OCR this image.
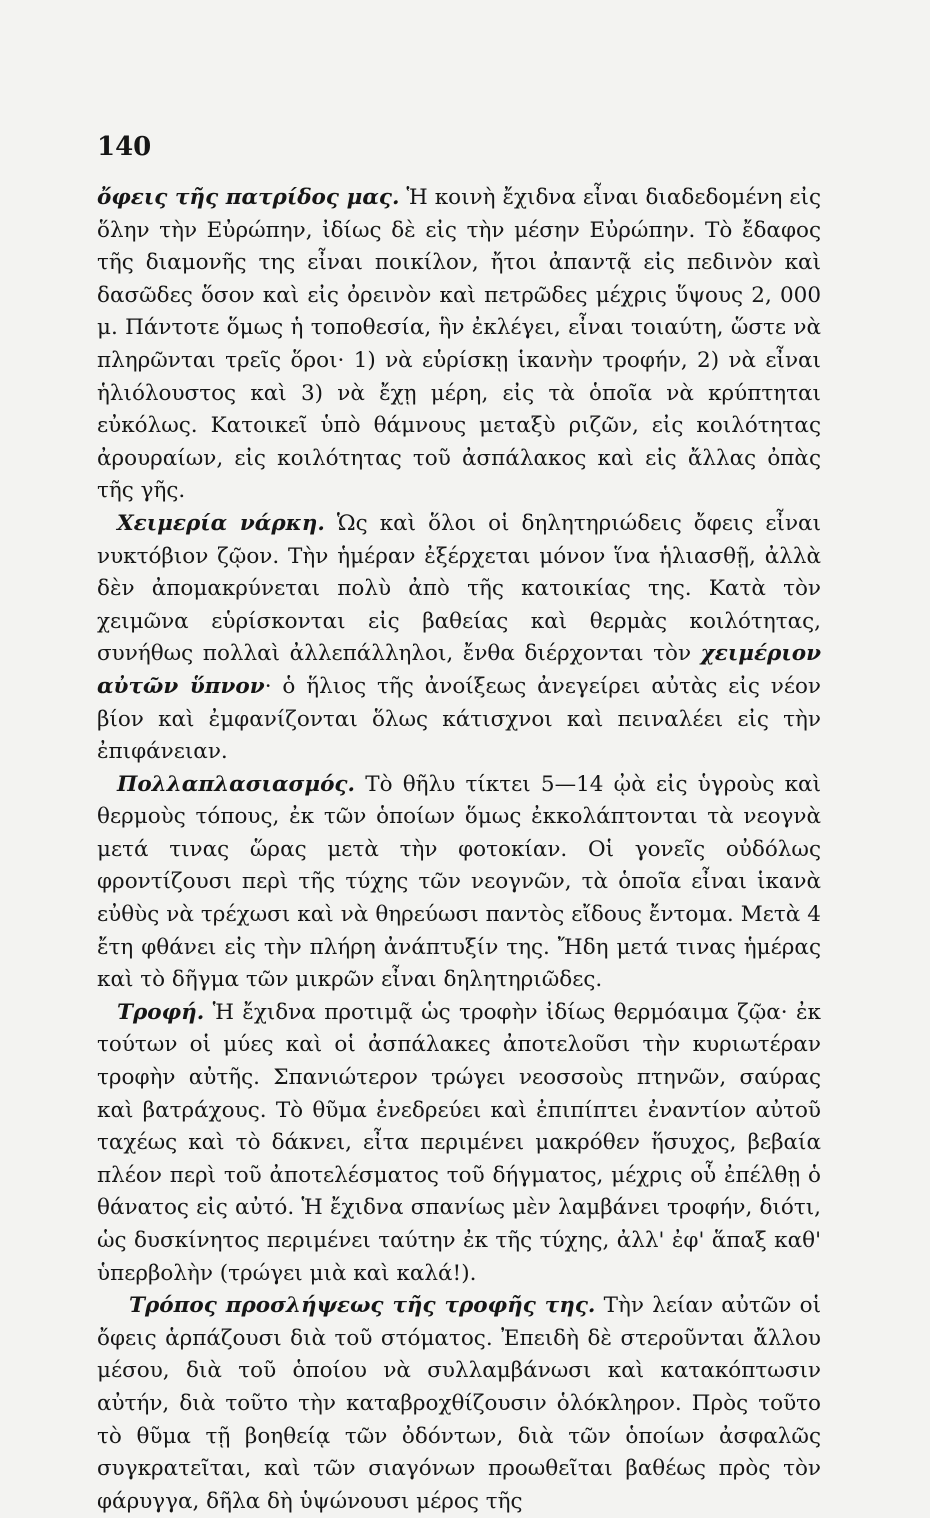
140

ὄφεις τῆς πατρίδος μας. Ἡ κοινὴ ἔχιδνα εἶναι διαδεδομένη εἰς ὅλην τὴν Εὐρώπην, ἰδίως δὲ εἰς τὴν μέσην Εὐρώπην. Τὸ ἔδαφος τῆς διαμονῆς της εἶναι ποικίλον, ἤτοι ἀπαντᾷ εἰς πεδινὸν καὶ δασῶδες ὅσον καὶ εἰς ὀρεινὸν καὶ πετρῶδες μέχρις ὕψους 2, 000 μ. Πάντοτε ὅμως ἡ τοποθεσία, ἣν ἐκλέγει, εἶναι τοιαύτη, ὥστε νὰ πληρῶνται τρεῖς ὅροι· 1) νὰ εὑρίσκῃ ἱκανὴν τροφήν, 2) νὰ εἶναι ἡλιόλουστος καὶ 3) νὰ ἔχῃ μέρη, εἰς τὰ ὁποῖα νὰ κρύπτηται εὐκόλως. Κατοικεῖ ὑπὸ θάμνους μεταξὺ ριζῶν, εἰς κοιλότητας ἀρουραίων, εἰς κοιλότητας τοῦ ἀσπάλακος καὶ εἰς ἄλλας ὀπὰς τῆς γῆς.

Χειμερία νάρκη. Ὡς καὶ ὅλοι οἱ δηλητηριώδεις ὄφεις εἶναι νυκτόβιον ζῷον. Τὴν ἡμέραν ἐξέρχεται μόνον ἵνα ἡλιασθῇ, ἀλλὰ δὲν ἀπομακρύνεται πολὺ ἀπὸ τῆς κατοικίας της. Κατὰ τὸν χειμῶνα εὑρίσκονται εἰς βαθείας καὶ θερμὰς κοιλότητας, συνήθως πολλαὶ ἀλλεπάλληλοι, ἔνθα διέρχονται τὸν χειμέριον αὐτῶν ὕπνον· ὁ ἥλιος τῆς ἀνοίξεως ἀνεγείρει αὐτὰς εἰς νέον βίον καὶ ἐμφανίζονται ὅλως κάτισχνοι καὶ πειναλέει εἰς τὴν ἐπιφάνειαν.

Πολλαπλασιασμός. Τὸ θῆλυ τίκτει 5—14 ᾠὰ εἰς ὑγροὺς καὶ θερμοὺς τόπους, ἐκ τῶν ὁποίων ὅμως ἐκκολάπτονται τὰ νεογνὰ μετά τινας ὥρας μετὰ τὴν φοτοκίαν. Οἱ γονεῖς οὐδόλως φροντίζουσι περὶ τῆς τύχης τῶν νεογνῶν, τὰ ὁποῖα εἶναι ἱκανὰ εὐθὺς νὰ τρέχωσι καὶ νὰ θηρεύωσι παντὸς εἴδους ἔντομα. Μετὰ 4 ἔτη φθάνει εἰς τὴν πλήρη ἀνάπτυξίν της. Ἤδη μετά τινας ἡμέρας καὶ τὸ δῆγμα τῶν μικρῶν εἶναι δηλητηριῶδες.

Τροφή. Ἡ ἔχιδνα προτιμᾷ ὡς τροφὴν ἰδίως θερμόαιμα ζῷα· ἐκ τούτων οἱ μύες καὶ οἱ ἀσπάλακες ἀποτελοῦσι τὴν κυριωτέραν τροφὴν αὐτῆς. Σπανιώτερον τρώγει νεοσσοὺς πτηνῶν, σαύρας καὶ βατράχους. Τὸ θῦμα ἐνεδρεύει καὶ ἐπιπίπτει ἐναντίον αὐτοῦ ταχέως καὶ τὸ δάκνει, εἶτα περιμένει μακρόθεν ἥσυχος, βεβαία πλέον περὶ τοῦ ἀποτελέσματος τοῦ δήγματος, μέχρις οὗ ἐπέλθῃ ὁ θάνατος εἰς αὐτό. Ἡ ἔχιδνα σπανίως μὲν λαμβάνει τροφήν, διότι, ὡς δυσκίνητος περιμένει ταύτην ἐκ τῆς τύχης, ἀλλ' ἐφ' ἅπαξ καθ' ὑπερβολὴν (τρώγει μιὰ καὶ καλά!).

Τρόπος προσλήψεως τῆς τροφῆς της. Τὴν λείαν αὐτῶν οἱ ὄφεις ἁρπάζουσι διὰ τοῦ στόματος. Ἐπειδὴ δὲ στεροῦνται ἄλλου μέσου, διὰ τοῦ ὁποίου νὰ συλλαμβάνωσι καὶ κατακόπτωσιν αὐτήν, διὰ τοῦτο τὴν καταβροχθίζουσιν ὁλόκληρον. Πρὸς τοῦτο τὸ θῦμα τῇ βοηθείᾳ τῶν ὀδόντων, διὰ τῶν ὁποίων ἀσφαλῶς συγκρατεῖται, καὶ τῶν σιαγόνων προωθεῖται βαθέως πρὸς τὸν φάρυγγα, δῆλα δὴ ὑψώνουσι μέρος τῆς
